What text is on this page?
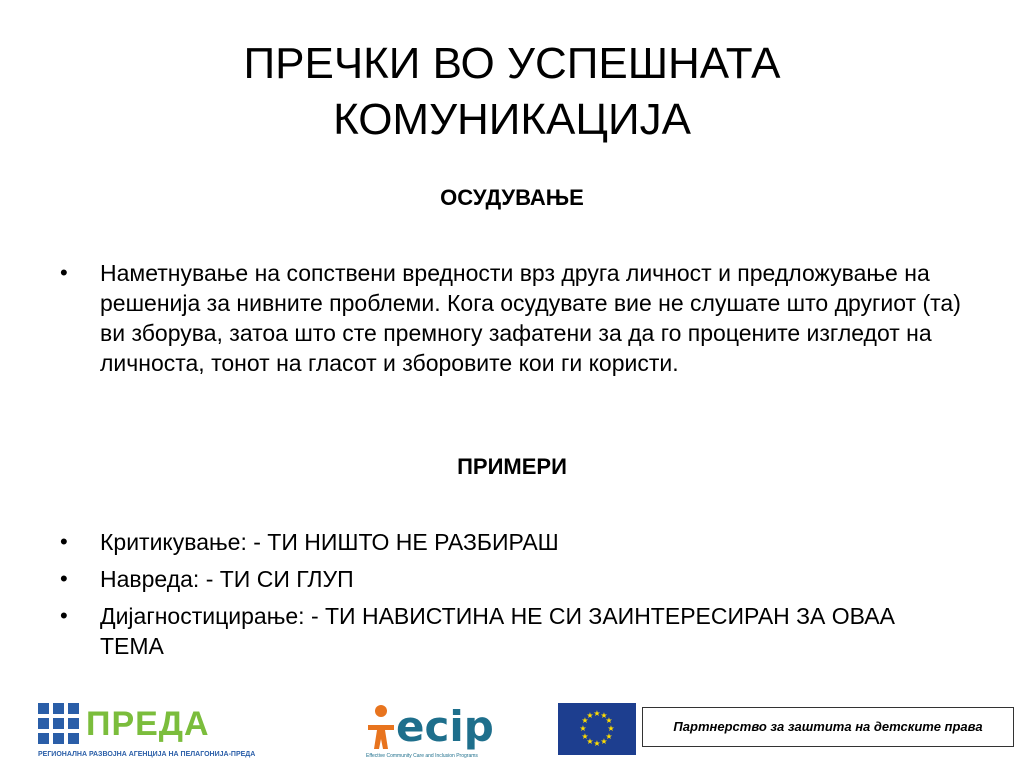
ПРЕЧКИ ВО УСПЕШНАТА
КОМУНИКАЦИЈА
ОСУДУВАЊЕ
• Наметнување на сопствени вредности врз друга личност и предложување на решенија за нивните проблеми. Кога осудувате вие не слушате што другиот (та) ви зборува, затоа што сте премногу зафатени за да го процените изгледот на личноста, тонот на гласот и зборовите кои ги користи.
ПРИМЕРИ
• Критикување: - ТИ НИШТО НЕ РАЗБИРАШ
• Навреда: - ТИ СИ ГЛУП
• Дијагностицирање: - ТИ НАВИСТИНА НЕ СИ ЗАИНТЕРЕСИРАН ЗА ОВАА ТЕМА
ПРЕДА
РЕГИОНАЛНА РАЗВОЈНА АГЕНЦИЈА НА ПЕЛАГОНИЈА-ПРЕДА
ecip
Effective Community Care and Inclusion Programs
★ ★
★
★
★
★
★
★
★
★
★
★
Партнерство за заштита на детските права
